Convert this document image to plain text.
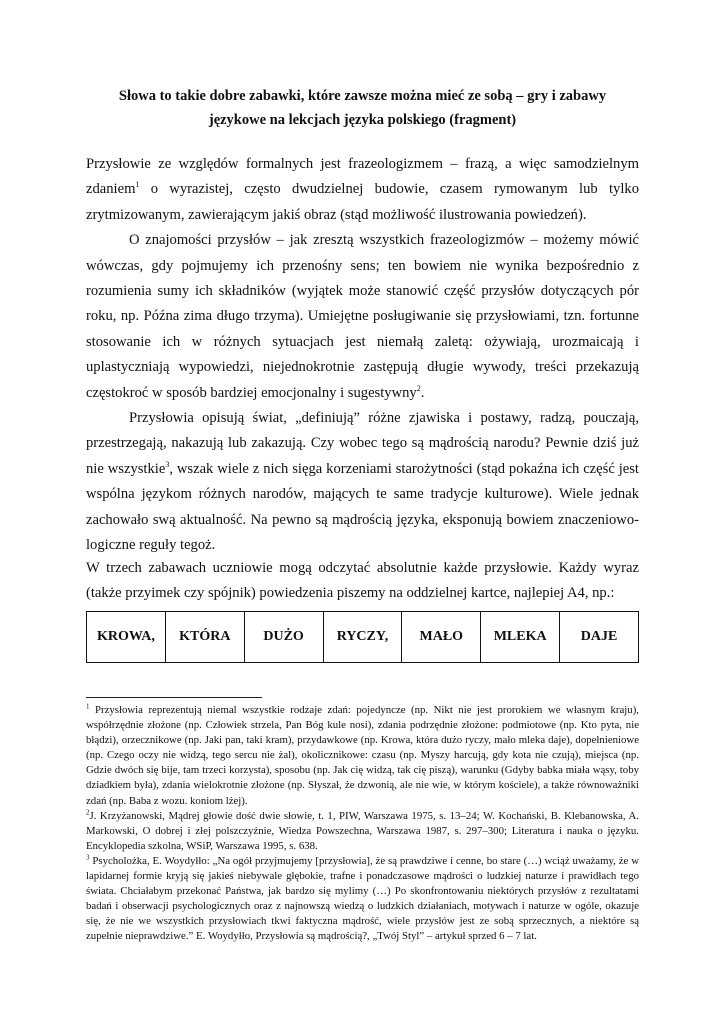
Słowa to takie dobre zabawki, które zawsze można mieć ze sobą – gry i zabawy
językowe na lekcjach języka polskiego (fragment)

Przysłowie ze względów formalnych jest frazeologizmem – frazą, a więc samodzielnym zdaniem$^1$ o wyrazistej, często dwudzielnej budowie, czasem rymowanym lub tylko zrytmizowanym, zawierającym jakiś obraz (stąd możliwość ilustrowania powiedzeń).

O znajomości przysłów – jak zresztą wszystkich frazeologizmów – możemy mówić wówczas, gdy pojmujemy ich przenośny sens; ten bowiem nie wynika bezpośrednio z rozumienia sumy ich składników (wyjątek może stanowić część przysłów dotyczących pór roku, np. Późna zima długo trzyma). Umiejętne posługiwanie się przysłowiami, tzn. fortunne stosowanie ich w różnych sytuacjach jest niemałą zaletą: ożywiają, urozmaicają i uplastyczniają wypowiedzi, niejednokrotnie zastępują długie wywody, treści przekazują częstokroć w sposób bardziej emocjonalny i sugestywny$^2$.

Przysłowia opisują świat, „definiują” różne zjawiska i postawy, radzą, pouczają, przestrzegają, nakazują lub zakazują. Czy wobec tego są mądrością narodu? Pewnie dziś już nie wszystkie$^3$, wszak wiele z nich sięga korzeniami starożytności (stąd pokaźna ich część jest wspólna językom różnych narodów, mających te same tradycje kulturowe). Wiele jednak zachowało swą aktualność. Na pewno są mądrością języka, eksponują bowiem znaczeniowo-logiczne reguły tegoż.

W trzech zabawach uczniowie mogą odczytać absolutnie każde przysłowie. Każdy wyraz (także przyimek czy spójnik) powiedzenia piszemy na oddzielnej kartce, najlepiej A4, np.:

KROWA,	KTÓRA	DUŻO	RYCZY,	MAŁO	MLEKA	DAJE

$^1$ Przysłowia reprezentują niemal wszystkie rodzaje zdań: pojedyncze (np. Nikt nie jest prorokiem we własnym kraju), współrzędnie złożone (np. Człowiek strzela, Pan Bóg kule nosi), zdania podrzędnie złożone: podmiotowe (np. Kto pyta, nie błądzi), orzecznikowe (np. Jaki pan, taki kram), przydawkowe (np. Krowa, która dużo ryczy, mało mleka daje), dopełnieniowe (np. Czego oczy nie widzą, tego sercu nie żal), okolicznikowe: czasu (np. Myszy harcują, gdy kota nie czują), miejsca (np. Gdzie dwóch się bije, tam trzeci korzysta), sposobu (np. Jak cię widzą, tak cię piszą), warunku (Gdyby babka miała wąsy, toby dziadkiem była), zdania wielokrotnie złożone (np. Słyszał, że dzwonią, ale nie wie, w którym kościele), a także równoważniki zdań (np. Baba z wozu. koniom lżej).

$^2$J. Krzyżanowski, Mądrej głowie dość dwie słowie, t. 1, PIW, Warszawa 1975, s. 13–24; W. Kochański, B. Klebanowska, A. Markowski, O dobrej i złej polszczyźnie, Wiedza Powszechna, Warszawa 1987, s. 297–300; Literatura i nauka o języku. Encyklopedia szkolna, WSiP, Warszawa 1995, s. 638.

$^3$ Psycholożka, E. Woydyłło: „Na ogół przyjmujemy [przysłowia], że są prawdziwe i cenne, bo stare (…) wciąż uważamy, że w lapidarnej formie kryją się jakieś niebywale głębokie, trafne i ponadczasowe mądrości o ludzkiej naturze i prawidłach tego świata. Chciałabym przekonać Państwa, jak bardzo się mylimy (…) Po skonfrontowaniu niektórych przysłów z rezultatami badań i obserwacji psychologicznych oraz z najnowszą wiedzą o ludzkich działaniach, motywach i naturze w ogóle, okazuje się, że nie we wszystkich przysłowiach tkwi faktyczna mądrość, wiele przysłów jest ze sobą sprzecznych, a niektóre są zupełnie nieprawdziwe.” E. Woydyłło, Przysłowia są mądrością?, „Twój Styl” – artykuł sprzed 6 – 7 lat.
